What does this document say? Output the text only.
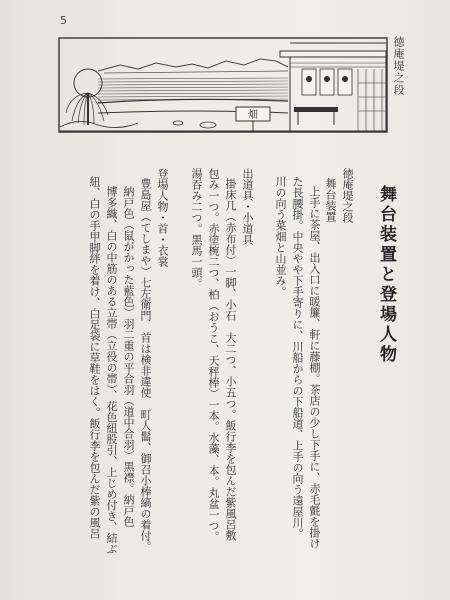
5
徳庵堤之段
畑
舞台装置と登場人物
徳庵堤之段
舞台装置
上手に茶屋、出入口に暖簾、軒に藤棚。茶店の少し下手に、赤毛氈を掛け
た長腰掛。中央やや下手寄りに、川船からの下船道、上手の向う遠屋川。
川の向う菜畑と山並み。
出道具・小道具
掛床几（赤布付）一脚、小石　大二つ、小五つ。飯行李を包んだ紫風呂敷
包み一つ。赤塗椀二つ、柏（おうこ、天秤棒）一本。水藻、本。丸盆一つ。
湯吞み二つ。黒馬一頭。
登場人物・首・衣裳
豊島屋（てしまや）七左衛門　首は検非違使　町人髷、御召小棒縞の着付。
納戸色（鼠がかった藍色）羽二重の平合羽（道中合羽）黒襟。納戸色
博多織、白の中筋のある立帯（立役の帯）、花色紐股引、上じめ付き、結ぶ
紐、白の手甲脚絆を着け、白足袋に草鞋をはく。飯行李を包んだ紫の風呂
